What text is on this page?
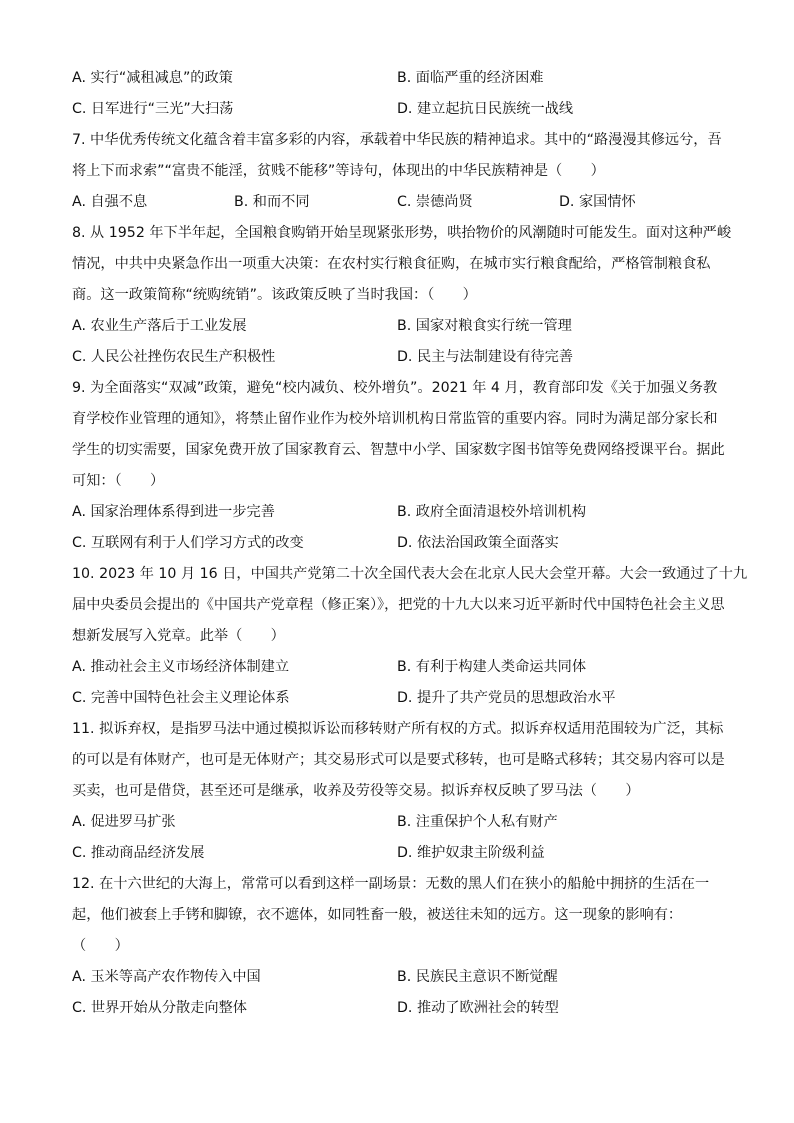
A. 实行“减租减息”的政策	B. 面临严重的经济困难
C. 日军进行“三光”大扫荡	D. 建立起抗日民族统一战线
7. 中华优秀传统文化蕴含着丰富多彩的内容，承载着中华民族的精神追求。其中的“路漫漫其修远兮，吾
将上下而求索”“富贵不能淫，贫贱不能移”等诗句，体现出的中华民族精神是（　　）
A. 自强不息	B. 和而不同	C. 崇德尚贤	D. 家国情怀
8. 从 1952 年下半年起，全国粮食购销开始呈现紧张形势，哄抬物价的风潮随时可能发生。面对这种严峻
情况，中共中央紧急作出一项重大决策：在农村实行粮食征购，在城市实行粮食配给，严格管制粮食私
商。这一政策简称“统购统销”。该政策反映了当时我国：（　　）
A. 农业生产落后于工业发展	B. 国家对粮食实行统一管理
C. 人民公社挫伤农民生产积极性	D. 民主与法制建设有待完善
9. 为全面落实“双减”政策，避免“校内减负、校外增负”。2021 年 4 月，教育部印发《关于加强义务教
育学校作业管理的通知》，将禁止留作业作为校外培训机构日常监管的重要内容。同时为满足部分家长和
学生的切实需要，国家免费开放了国家教育云、智慧中小学、国家数字图书馆等免费网络授课平台。据此
可知：（　　）
A. 国家治理体系得到进一步完善	B. 政府全面清退校外培训机构
C. 互联网有利于人们学习方式的改变	D. 依法治国政策全面落实
10. 2023 年 10 月 16 日，中国共产党第二十次全国代表大会在北京人民大会堂开幕。大会一致通过了十九
届中央委员会提出的《中国共产党章程（修正案）》，把党的十九大以来习近平新时代中国特色社会主义思
想新发展写入党章。此举（　　）
A. 推动社会主义市场经济体制建立	B. 有利于构建人类命运共同体
C. 完善中国特色社会主义理论体系	D. 提升了共产党员的思想政治水平
11. 拟诉弃权，是指罗马法中通过模拟诉讼而移转财产所有权的方式。拟诉弃权适用范围较为广泛，其标
的可以是有体财产，也可是无体财产；其交易形式可以是要式移转，也可是略式移转；其交易内容可以是
买卖，也可是借贷，甚至还可是继承，收养及劳役等交易。拟诉弃权反映了罗马法（　　）
A. 促进罗马扩张	B. 注重保护个人私有财产
C. 推动商品经济发展	D. 维护奴隶主阶级利益
12. 在十六世纪的大海上，常常可以看到这样一副场景：无数的黑人们在狭小的船舱中拥挤的生活在一
起，他们被套上手铐和脚镣，衣不遮体，如同牲畜一般，被送往未知的远方。这一现象的影响有：
（　　）
A. 玉米等高产农作物传入中国	B. 民族民主意识不断觉醒
C. 世界开始从分散走向整体	D. 推动了欧洲社会的转型
